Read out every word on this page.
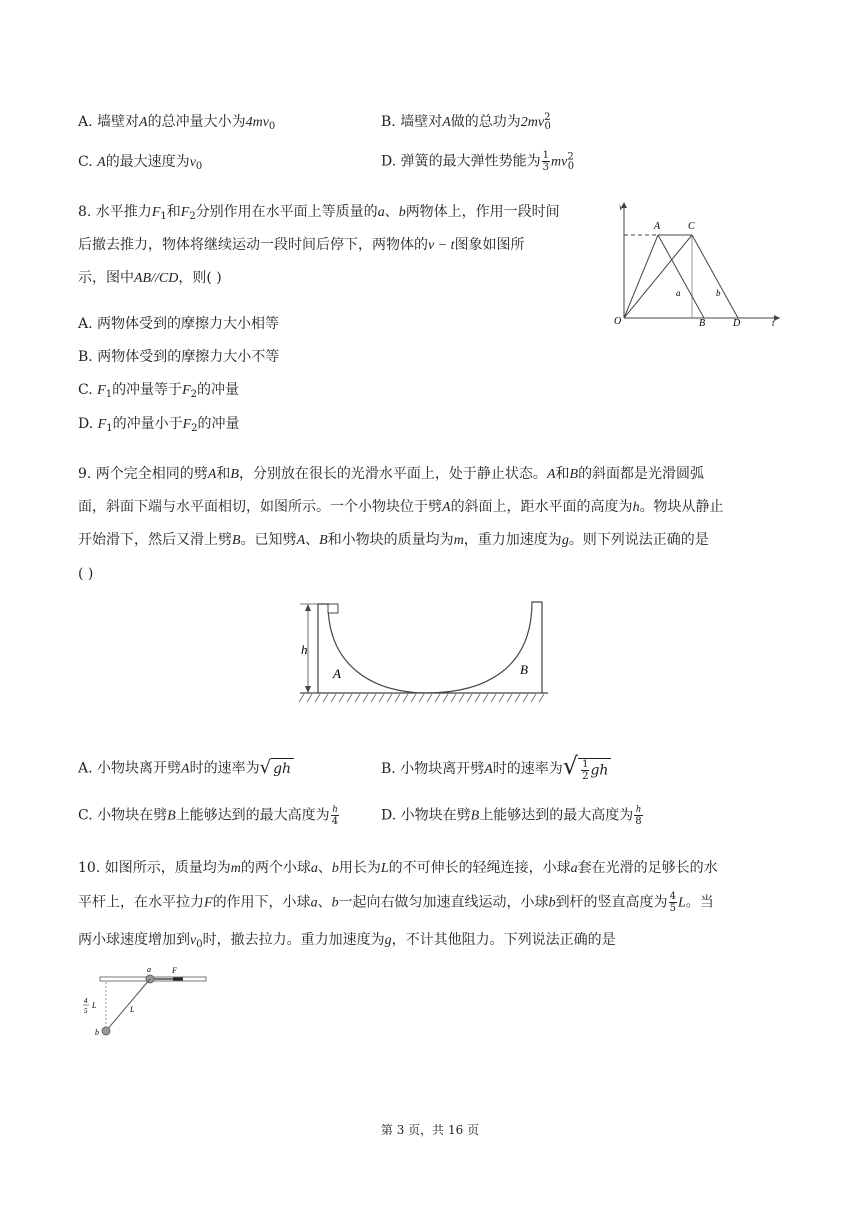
A. 墙壁对A的总冲量大小为$4mv_0$	B. 墙壁对A做的总功为$2mv^2_0$
C. A的最大速度为$v_0$	D. 弹簧的最大弹性势能为 $\frac{1}{3} mv^2_0$
8. 水平推力$F_1$和$F_2$分别作用在水平面上等质量的a、b两物体上，作用一段时间
后撤去推力，物体将继续运动一段时间后停下，两物体的v − t图象如图所
示，图中AB//CD，则( )
A. 两物体受到的摩擦力大小相等
B. 两物体受到的摩擦力大小不等
C. $F_1$的冲量等于$F_2$的冲量
D. $F_1$的冲量小于$F_2$的冲量
v
O
A	C
B	D
a	b
t
9. 两个完全相同的劈A和B，分别放在很长的光滑水平面上，处于静止状态。A和B的斜面都是光滑圆弧
面，斜面下端与水平面相切，如图所示。一个小物块位于劈A的斜面上，距水平面的高度为h。物块从静止
开始滑下，然后又滑上劈B。已知劈A、B和小物块的质量均为m，重力加速度为g。则下列说法正确的是
( )
h
A	B
A. 小物块离开劈A时的速率为√ gh	B. 小物块离开劈A时的速率为√ $\frac{1}{2}$ gh
C. 小物块在劈B上能够达到的最大高度为 $\frac{h}{4}$	D. 小物块在劈B上能够达到的最大高度为 $\frac{h}{8}$
10. 如图所示，质量均为m的两个小球a、b用长为L的不可伸长的轻绳连接，小球a套在光滑的足够长的水
平杆上，在水平拉力F的作用下，小球a、b一起向右做匀加速直线运动，小球b到杆的竖直高度为 $\frac{4}{5}$ L。当
两小球速度增加到$v_0$时，撤去拉力。重力加速度为g，不计其他阻力。下列说法正确的是
a	F
b
L
4
5
L
第 3 页，共 16 页
